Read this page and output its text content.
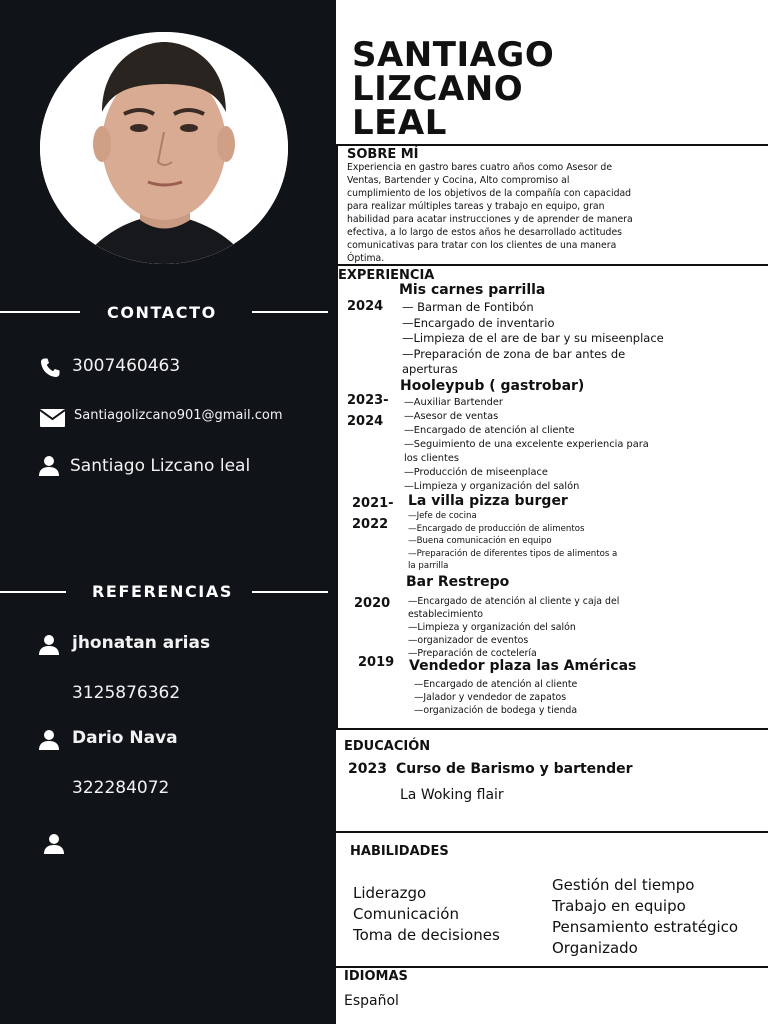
CONTACTO
3007460463
Santiagolizcano901@gmail.com
Santiago Lizcano leal
REFERENCIAS
jhonatan arias
3125876362
Dario Nava
322284072
SANTIAGO
LIZCANO
LEAL
SOBRE MÍ
Experiencia en gastro bares cuatro años como Asesor de
Ventas, Bartender y Cocina, Alto compromiso al
cumplimiento de los objetivos de la compañía con capacidad
para realizar múltiples tareas y trabajo en equipo, gran
habilidad para acatar instrucciones y de aprender de manera
efectiva, a lo largo de estos años he desarrollado actitudes
comunicativas para tratar con los clientes de una manera
Óptima.
EXPERIENCIA
Mis carnes parrilla
2024 — Barman de Fontibón
—Encargado de inventario
—Limpieza de el are de bar y su miseenplace
—Preparación de zona de bar antes de
aperturas
Hooleypub ( gastrobar)
2023-
2024
—Auxiliar Bartender
—Asesor de ventas
—Encargado de atención al cliente
—Seguimiento de una excelente experiencia para
los clientes
—Producción de miseenplace
—Limpieza y organización del salón
La villa pizza burger
2021-
2022
—Jefe de cocina
—Encargado de producción de alimentos
—Buena comunicación en equipo
—Preparación de diferentes tipos de alimentos a
la parrilla
Bar Restrepo
2020 —Encargado de atención al cliente y caja del
establecimiento
—Limpieza y organización del salón
—organizador de eventos
—Preparación de coctelería
Vendedor plaza las Américas
2019
—Encargado de atención al cliente
—Jalador y vendedor de zapatos
—organización de bodega y tienda
EDUCACIÓN
2023 Curso de Barismo y bartender
La Woking flair
HABILIDADES
Liderazgo
Comunicación
Toma de decisiones
Gestión del tiempo
Trabajo en equipo
Pensamiento estratégico
Organizado
IDIOMAS
Español
